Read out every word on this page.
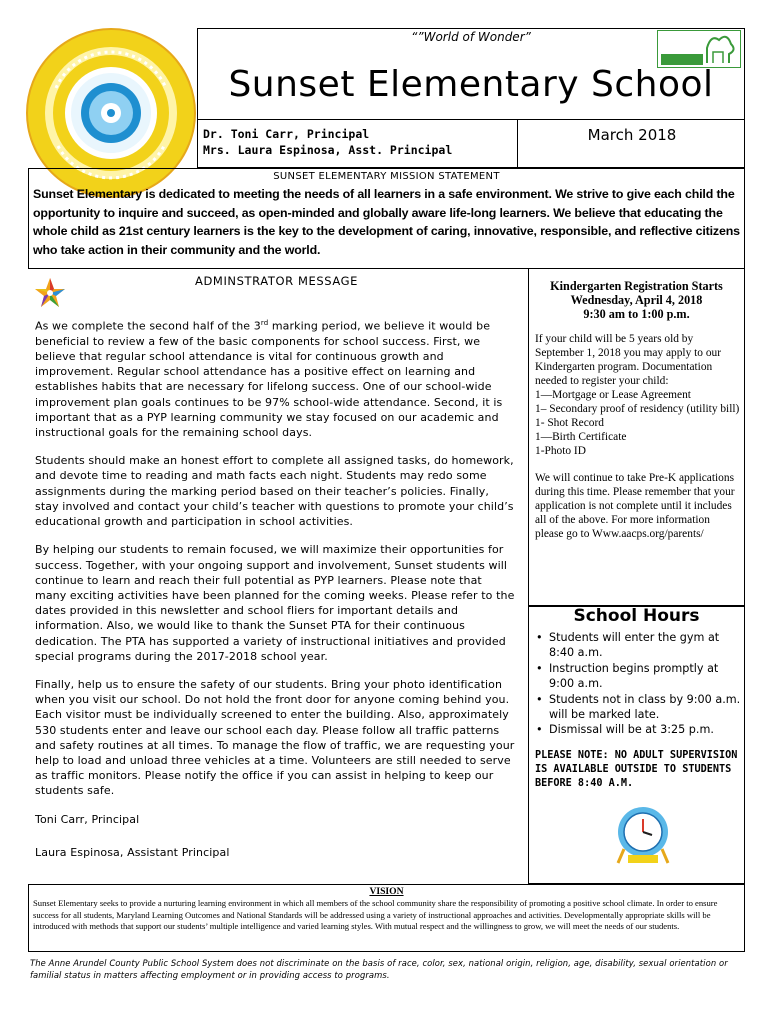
“”World of Wonder”
Sunset Elementary School
Dr. Toni Carr, Principal
Mrs. Laura Espinosa, Asst. Principal
March 2018
SUNSET ELEMENTARY MISSION STATEMENT
Sunset Elementary is dedicated to meeting the needs of all learners in a safe environment. We strive to give each child the opportunity to inquire and succeed, as open-minded and globally aware life-long learners. We believe that educating the whole child as 21st century learners is the key to the development of caring, innovative, responsible, and reflective citizens who take action in their community and the world.
ADMINSTRATOR MESSAGE

As we complete the second half of the 3rd marking period, we believe it would be beneficial to review a few of the basic components for school success. First, we believe that regular school attendance is vital for continuous growth and improvement. Regular school attendance has a positive effect on learning and establishes habits that are necessary for lifelong success. One of our school-wide improvement plan goals continues to be 97% school-wide attendance. Second, it is important that as a PYP learning community we stay focused on our academic and instructional goals for the remaining school days.

Students should make an honest effort to complete all assigned tasks, do homework, and devote time to reading and math facts each night. Students may redo some assignments during the marking period based on their teacher’s policies. Finally, stay involved and contact your child’s teacher with questions to promote your child’s educational growth and participation in school activities.

By helping our students to remain focused, we will maximize their opportunities for success. Together, with your ongoing support and involvement, Sunset students will continue to learn and reach their full potential as PYP learners. Please note that many exciting activities have been planned for the coming weeks. Please refer to the dates provided in this newsletter and school fliers for important details and information. Also, we would like to thank the Sunset PTA for their continuous dedication. The PTA has supported a variety of instructional initiatives and provided special programs during the 2017-2018 school year.

Finally, help us to ensure the safety of our students. Bring your photo identification when you visit our school. Do not hold the front door for anyone coming behind you. Each visitor must be individually screened to enter the building. Also, approximately 530 students enter and leave our school each day. Please follow all traffic patterns and safety routines at all times. To manage the flow of traffic, we are requesting your help to load and unload three vehicles at a time. Volunteers are still needed to serve as traffic monitors. Please notify the office if you can assist in helping to keep our students safe.

Toni Carr, Principal

Laura Espinosa, Assistant Principal

Kindergarten Registration Starts
Wednesday, April 4, 2018
9:30 am to 1:00 p.m.

If your child will be 5 years old by September 1, 2018 you may apply to our Kindergarten program. Documentation needed to register your child:

1—Mortgage or Lease Agreement

1– Secondary proof of residency (utility bill)

1- Shot Record

1—Birth Certificate

1-Photo ID

We will continue to take Pre-K applications during this time. Please remember that your application is not complete until it includes all of the above. For more information please go to Www.aacps.org/parents/

School Hours
• Students will enter the gym at 8:40 a.m.
• Instruction begins promptly at 9:00 a.m.
• Students not in class by 9:00 a.m. will be marked late.
• Dismissal will be at 3:25 p.m.
PLEASE NOTE: NO ADULT SUPERVISION IS AVAILABLE OUTSIDE TO STUDENTS BEFORE 8:40 A.M.
VISION
Sunset Elementary seeks to provide a nurturing learning environment in which all members of the school community share the responsibility of promoting a positive school climate. In order to ensure success for all students, Maryland Learning Outcomes and National Standards will be addressed using a variety of instructional approaches and activities. Developmentally appropriate skills will be introduced with methods that support our students’ multiple intelligence and varied learning styles. With mutual respect and the willingness to grow, we will meet the needs of our students.
The Anne Arundel County Public School System does not discriminate on the basis of race, color, sex, national origin, religion, age, disability, sexual orientation or familial status in matters affecting employment or in providing access to programs.
